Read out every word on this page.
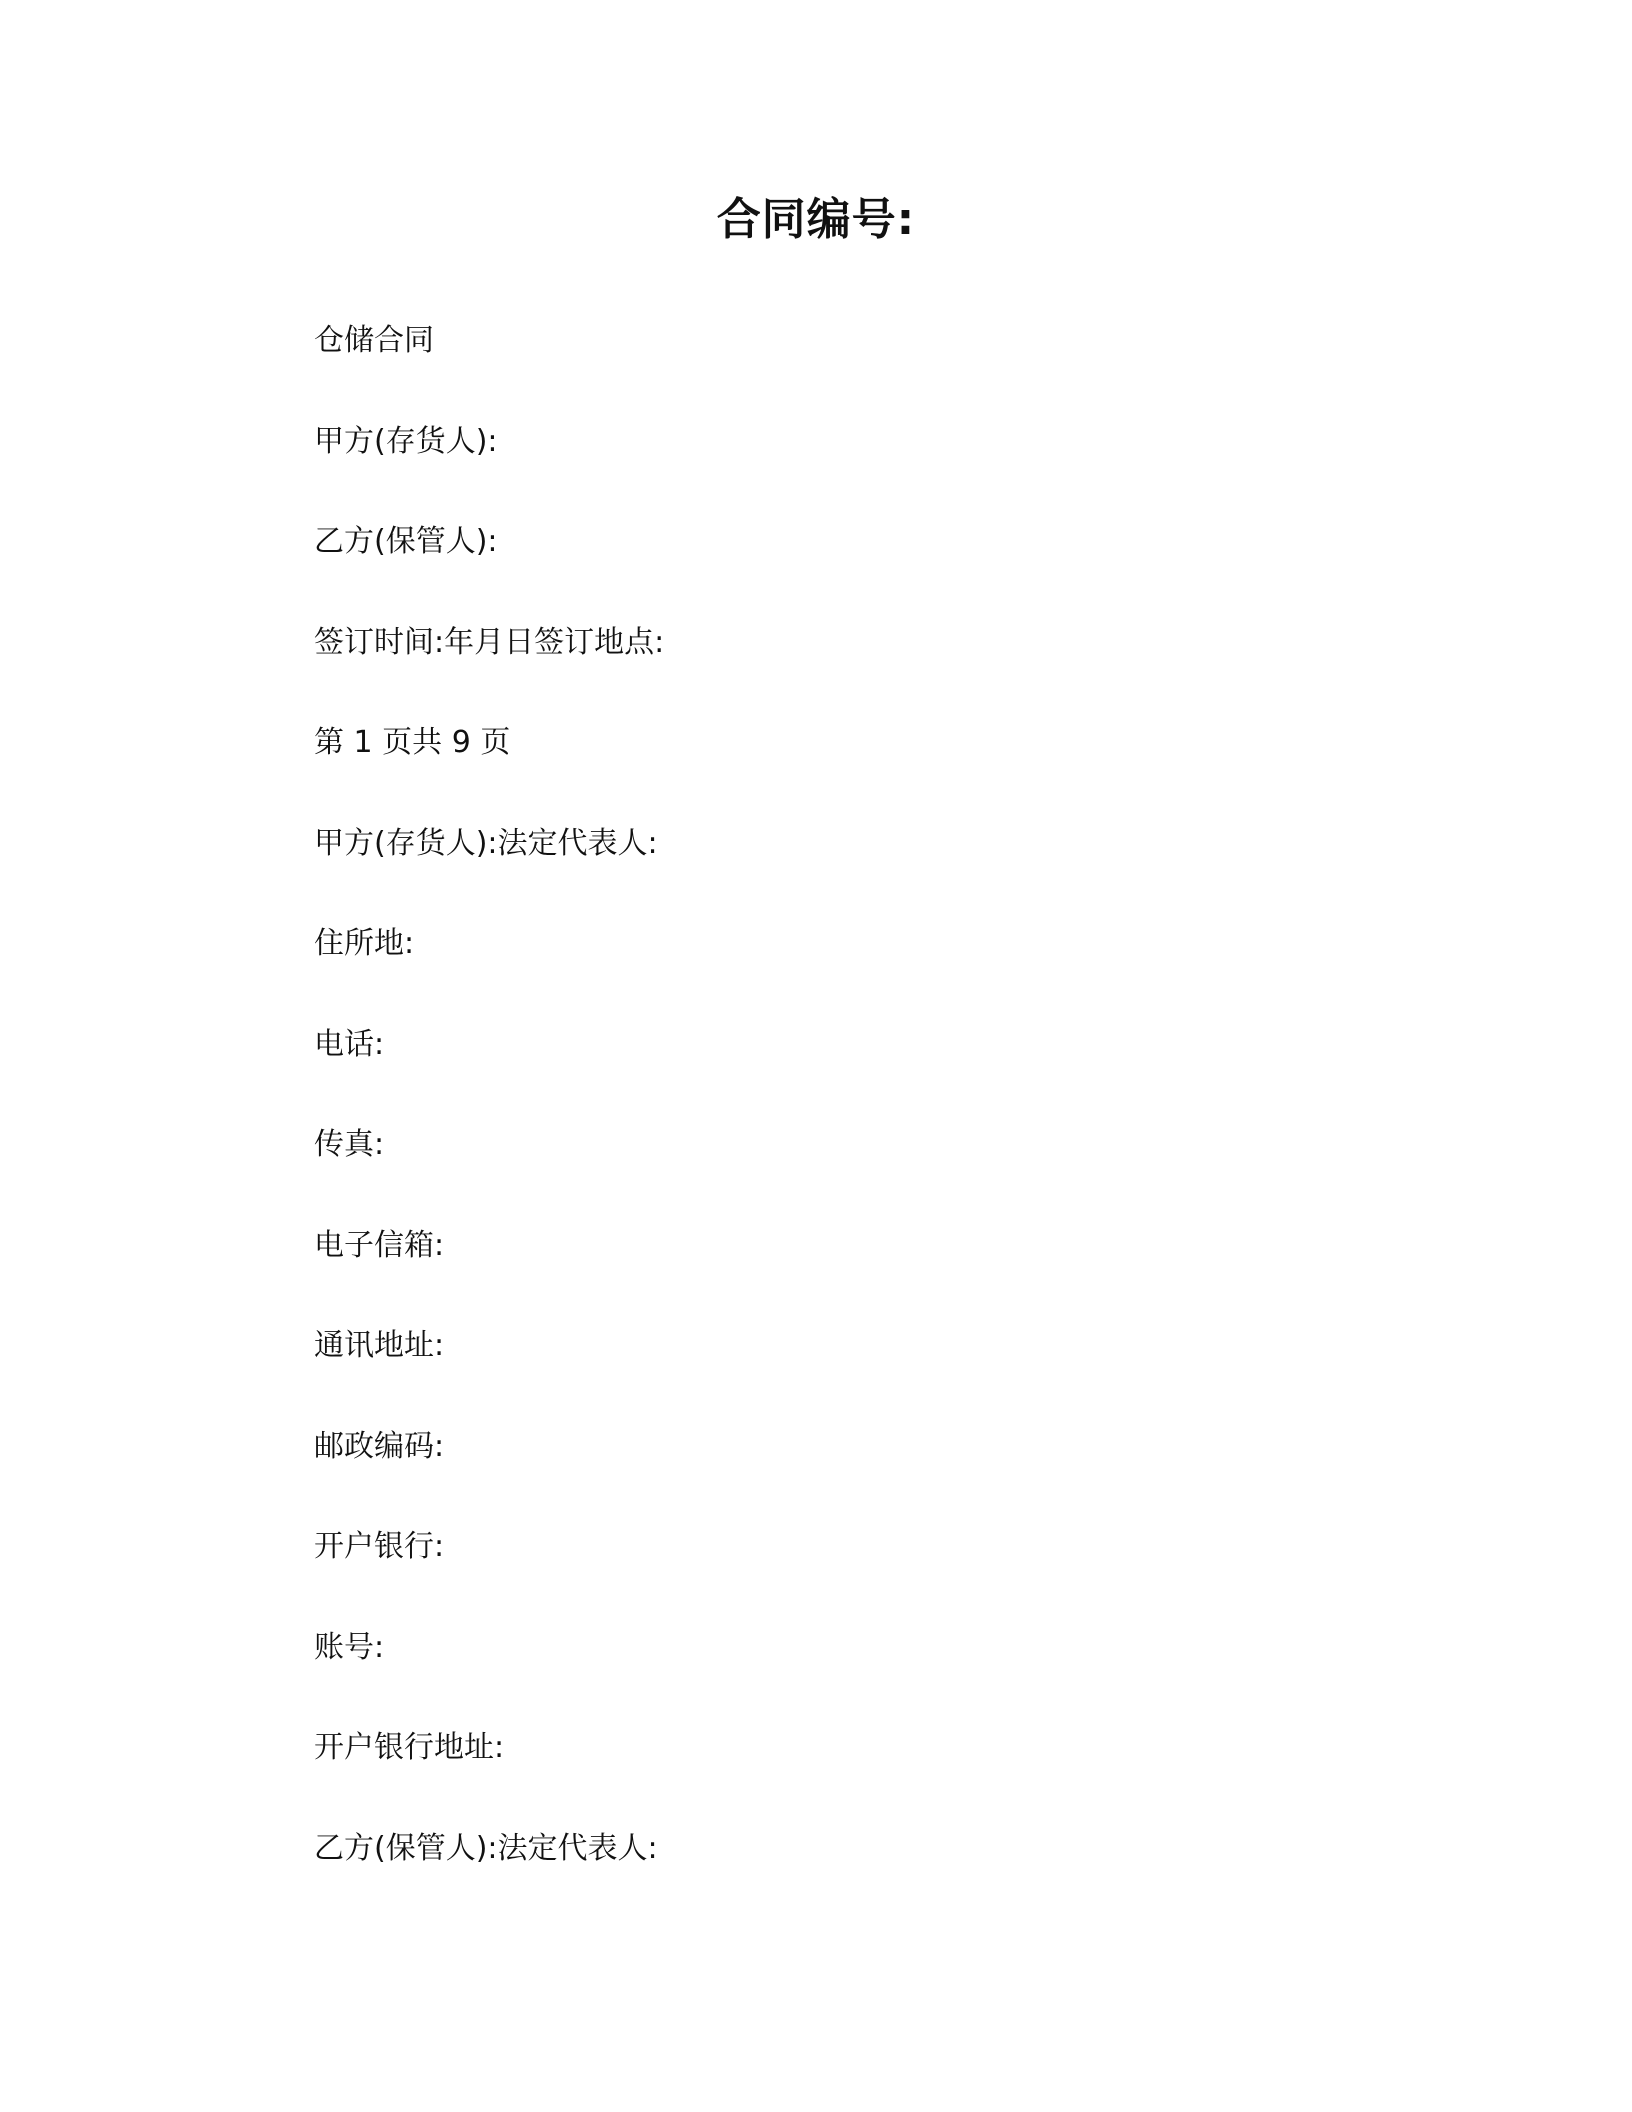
合同编号:
仓储合同
甲方(存货人):
乙方(保管人):
签订时间:年月日签订地点:
第 1 页共 9 页
甲方(存货人):法定代表人:
住所地:
电话:
传真:
电子信箱:
通讯地址:
邮政编码:
开户银行:
账号:
开户银行地址:
乙方(保管人):法定代表人:
